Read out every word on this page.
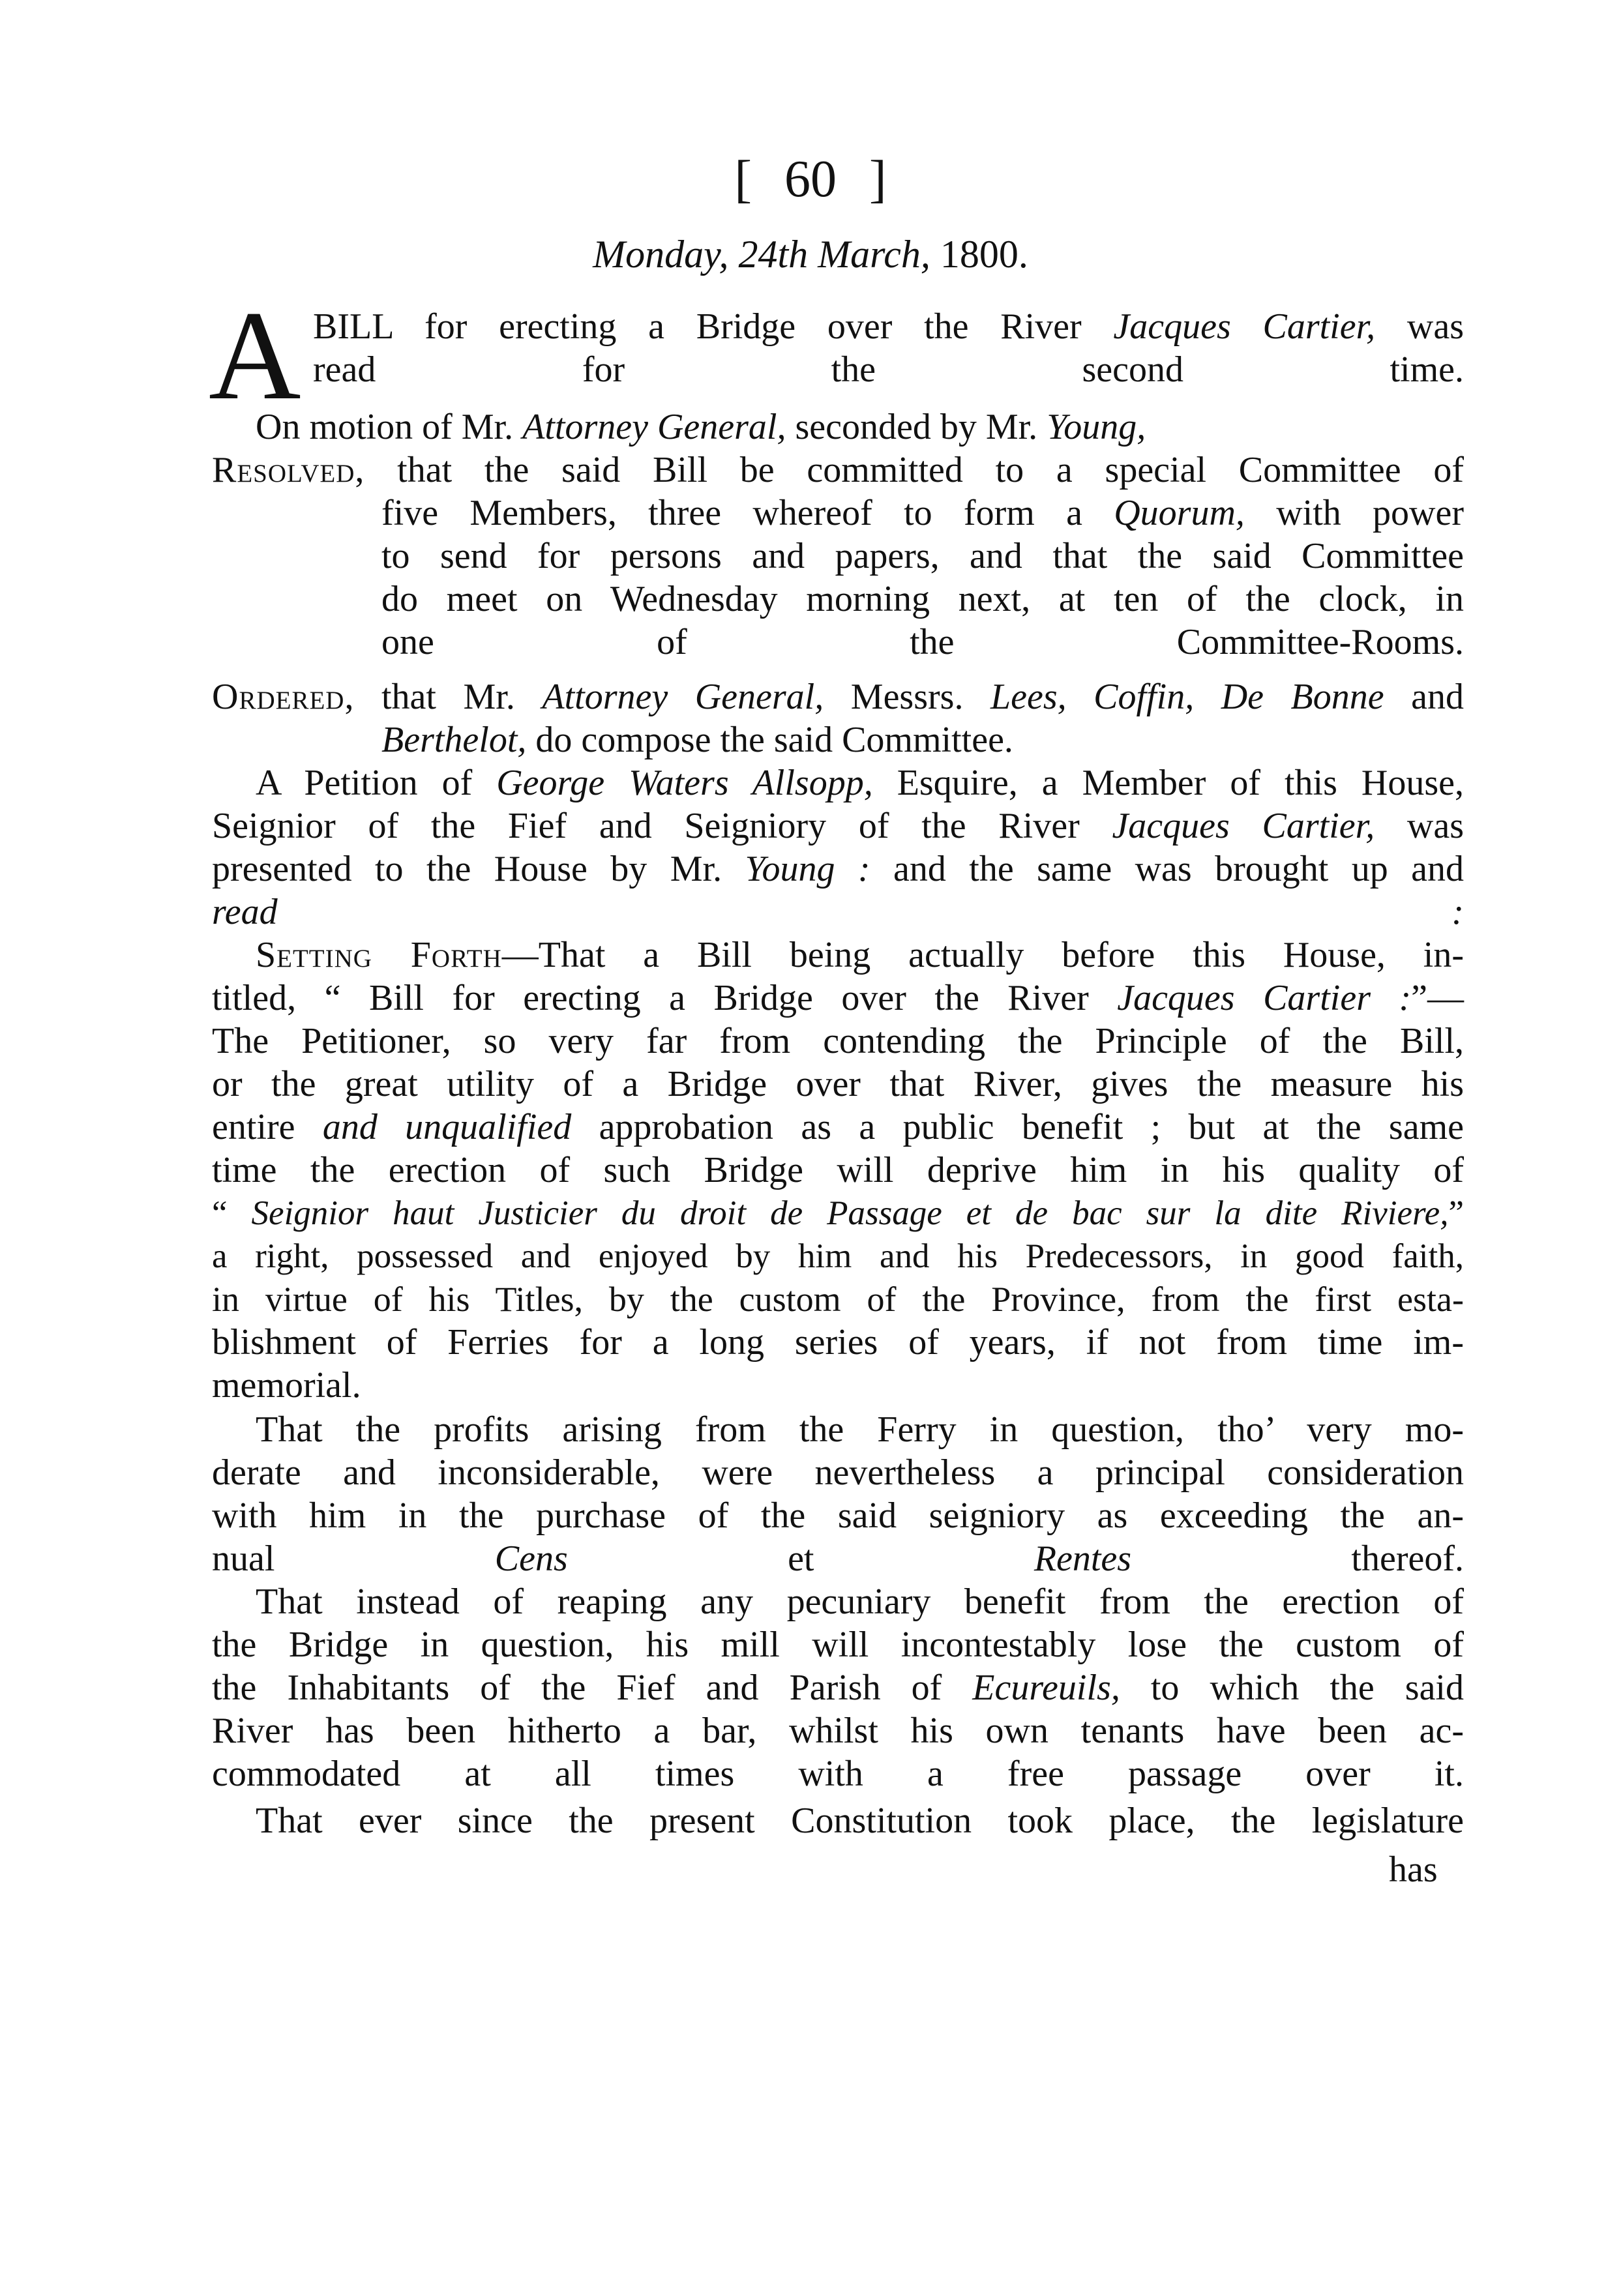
[ 60 ]
Monday, 24th March, 1800.
A BILL for erecting a Bridge over the River Jacques Cartier, was
read for the second time.
On motion of Mr. Attorney General, seconded by Mr. Young,
Resolved, that the said Bill be committed to a special Committee of
five Members, three whereof to form a Quorum, with power
to send for persons and papers, and that the said Committee
do meet on Wednesday morning next, at ten of the clock, in
one of the Committee-Rooms.
Ordered, that Mr. Attorney General, Messrs. Lees, Coffin, De Bonne and
Berthelot, do compose the said Committee.
A Petition of George Waters Allsopp, Esquire, a Member of this House,
Seignior of the Fief and Seigniory of the River Jacques Cartier, was
presented to the House by Mr. Young : and the same was brought up and
read :
Setting Forth—That a Bill being actually before this House, in-
titled, “ Bill for erecting a Bridge over the River Jacques Cartier :”—
The Petitioner, so very far from contending the Principle of the Bill,
or the great utility of a Bridge over that River, gives the measure his
entire and unqualified approbation as a public benefit ; but at the same
time the erection of such Bridge will deprive him in his quality of
“ Seignior haut Justicier du droit de Passage et de bac sur la dite Riviere,”
a right, possessed and enjoyed by him and his Predecessors, in good faith,
in virtue of his Titles, by the custom of the Province, from the first esta-
blishment of Ferries for a long series of years, if not from time im-
memorial.
That the profits arising from the Ferry in question, tho’ very mo-
derate and inconsiderable, were nevertheless a principal consideration
with him in the purchase of the said seigniory as exceeding the an-
nual Cens et Rentes thereof.
That instead of reaping any pecuniary benefit from the erection of
the Bridge in question, his mill will incontestably lose the custom of
the Inhabitants of the Fief and Parish of Ecureuils, to which the said
River has been hitherto a bar, whilst his own tenants have been ac-
commodated at all times with a free passage over it.
That ever since the present Constitution took place, the legislature
has
